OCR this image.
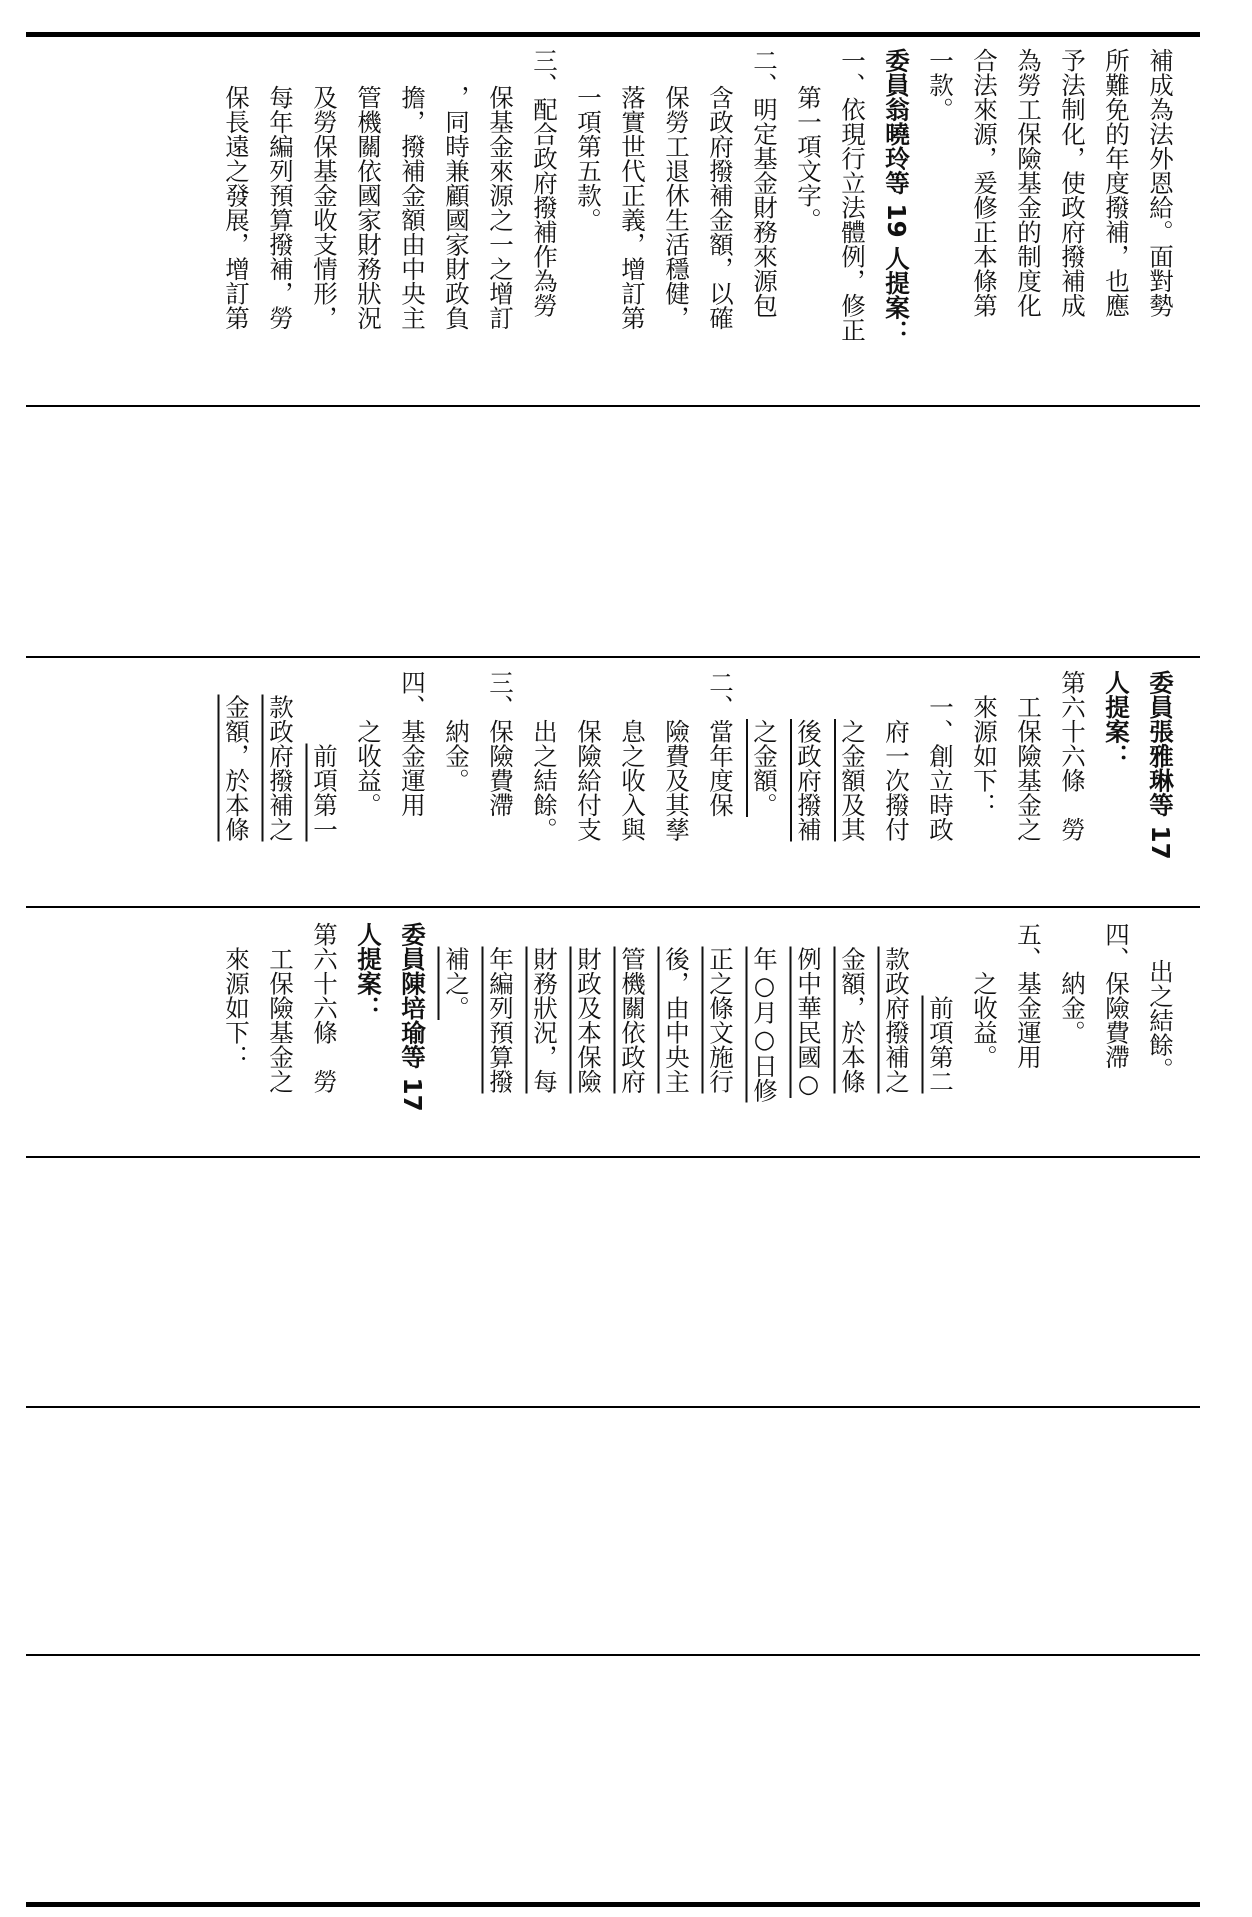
補成為法外恩給。面對勢
所難免的年度撥補，也應
予法制化，使政府撥補成
為勞工保險基金的制度化
合法來源，爰修正本條第
一款。
委員翁曉玲等 19 人提案：
一、依現行立法體例，修正
第一項文字。
二、明定基金財務來源包
含政府撥補金額，以確
保勞工退休生活穩健，
落實世代正義，增訂第
一項第五款。
三、配合政府撥補作為勞
保基金來源之一之增訂
，同時兼顧國家財政負
擔，撥補金額由中央主
管機關依國家財務狀況
及勞保基金收支情形，
每年編列預算撥補，勞
保長遠之發展，增訂第
委員張雅琳等 17
人提案：
第六十六條　勞
工保險基金之
來源如下：
一、創立時政
府一次撥付
之金額及其
後政府撥補
之金額。
二、當年度保
險費及其孳
息之收入與
保險給付支
出之結餘。
三、保險費滯
納金。
四、基金運用
之收益。
前項第一
款政府撥補之
金額，於本條
出之結餘。
四、保險費滯
納金。
五、基金運用
之收益。
前項第二
款政府撥補之
金額，於本條
例中華民國○
年○月○日修
正之條文施行
後，由中央主
管機關依政府
財政及本保險
財務狀況，每
年編列預算撥
補之。
委員陳培瑜等 17
人提案：
第六十六條　勞
工保險基金之
來源如下：
